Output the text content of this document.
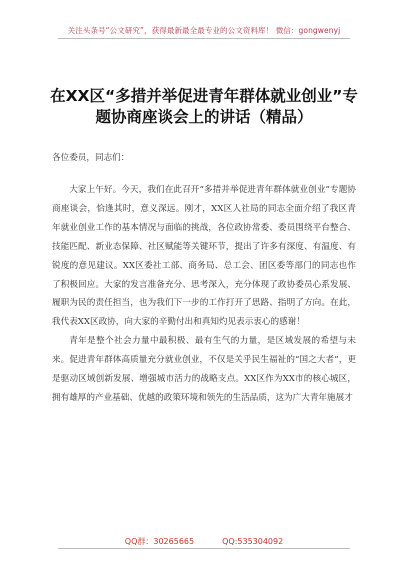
关注头条号“公文研究”，获得最新最全最专业的公文资料库！ 微信：gongwenyj
在XX区“多措并举促进青年群体就业创业”专题协商座谈会上的讲话（精品）
各位委员，同志们：

大家上午好。今天，我们在此召开“多措并举促进青年群体就业创业”专题协商座谈会，恰逢其时，意义深远。刚才，XX区人社局的同志全面介绍了我区青年就业创业工作的基本情况与面临的挑战，各位政协常委、委员围绕平台整合、技能匹配、新业态保障、社区赋能等关键环节，提出了许多有深度、有温度、有锐度的意见建议。XX区委社工部、商务局、总工会、团区委等部门的同志也作了积极回应。大家的发言准备充分、思考深入，充分体现了政协委员心系发展、履职为民的责任担当，也为我们下一步的工作打开了思路、指明了方向。在此，我代表XX区政协，向大家的辛勤付出和真知灼见表示衷心的感谢！

青年是整个社会力量中最积极、最有生气的力量，是区域发展的希望与未来。促进青年群体高质量充分就业创业，不仅是关乎民生福祉的“国之大者”，更是驱动区域创新发展、增强城市活力的战略支点。XX区作为XX市的核心城区，拥有雄厚的产业基础、优越的政策环境和领先的生活品质，这为广大青年施展才

QQ群：30265665	QQ:535304092
